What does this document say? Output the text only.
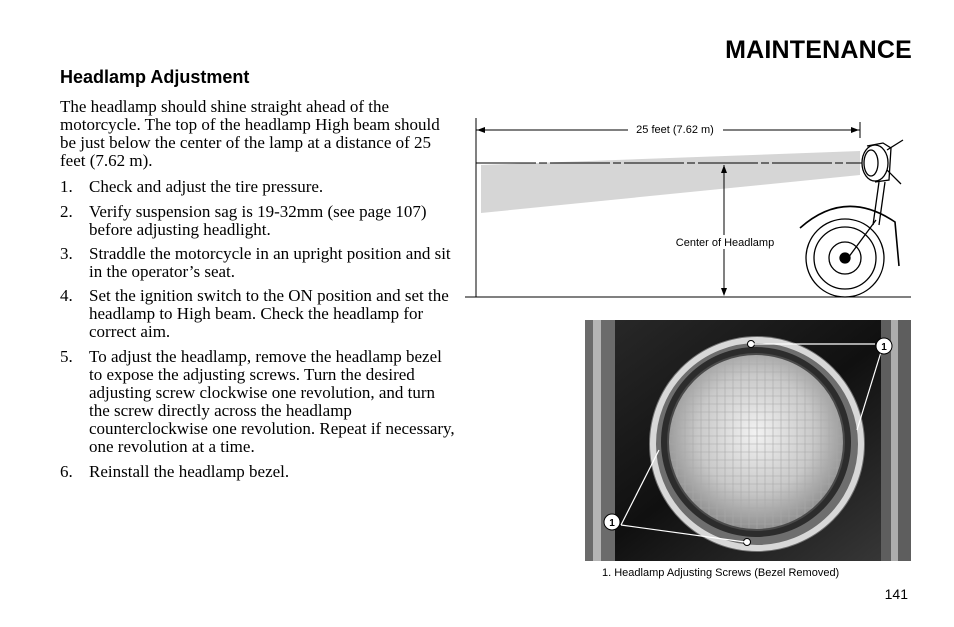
MAINTENANCE
Headlamp Adjustment
The headlamp should shine straight ahead of the motorcycle. The top of the headlamp High beam should be just below the center of the lamp at a distance of 25 feet (7.62 m).
1. Check and adjust the tire pressure.
2. Verify suspension sag is 19-32mm (see page 107) before adjusting headlight.
3. Straddle the motorcycle in an upright position and sit in the operator’s seat.
4. Set the ignition switch to the ON position and set the headlamp to High beam. Check the headlamp for correct aim.
5. To adjust the headlamp, remove the headlamp bezel to expose the adjusting screws. Turn the desired adjusting screw clockwise one revolution, and turn the screw directly across the headlamp counterclockwise one revolution. Repeat if necessary, one revolution at a time.
6. Reinstall the headlamp bezel.
25 feet (7.62 m)
Center of Headlamp
1
1
1. Headlamp Adjusting Screws (Bezel Removed)
141
